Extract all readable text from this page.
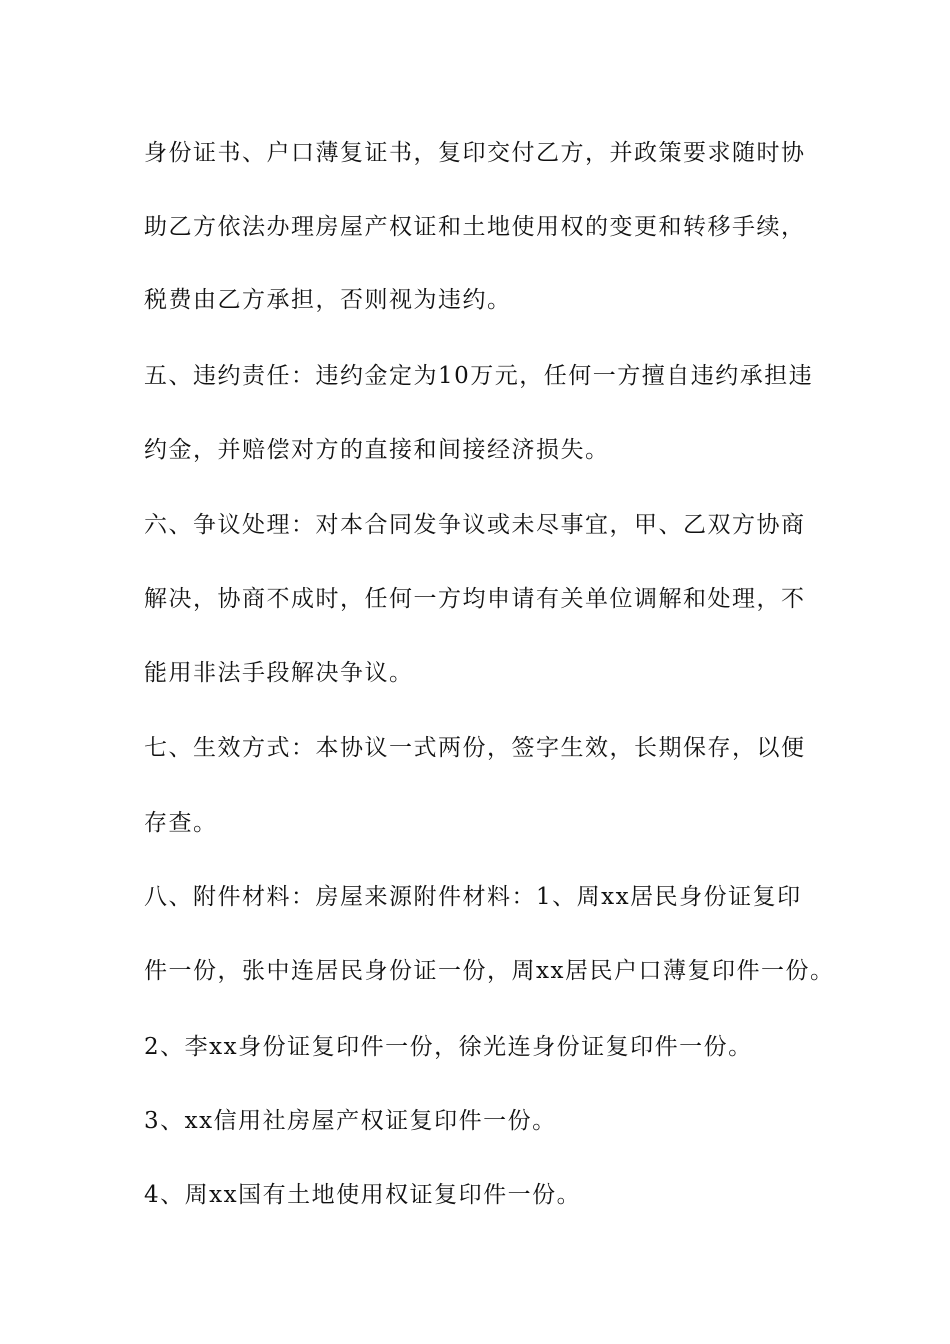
身份证书、户口薄复证书，复印交付乙方，并政策要求随时协
助乙方依法办理房屋产权证和土地使用权的变更和转移手续，
税费由乙方承担，否则视为违约。
五、违约责任：违约金定为10万元，任何一方擅自违约承担违
约金，并赔偿对方的直接和间接经济损失。
六、争议处理：对本合同发争议或未尽事宜，甲、乙双方协商
解决，协商不成时，任何一方均申请有关单位调解和处理，不
能用非法手段解决争议。
七、生效方式：本协议一式两份，签字生效，长期保存，以便
存查。
八、附件材料：房屋来源附件材料：1、周xx居民身份证复印
件一份，张中连居民身份证一份，周xx居民户口薄复印件一份。
2、李xx身份证复印件一份，徐光连身份证复印件一份。
3、xx信用社房屋产权证复印件一份。
4、周xx国有土地使用权证复印件一份。
